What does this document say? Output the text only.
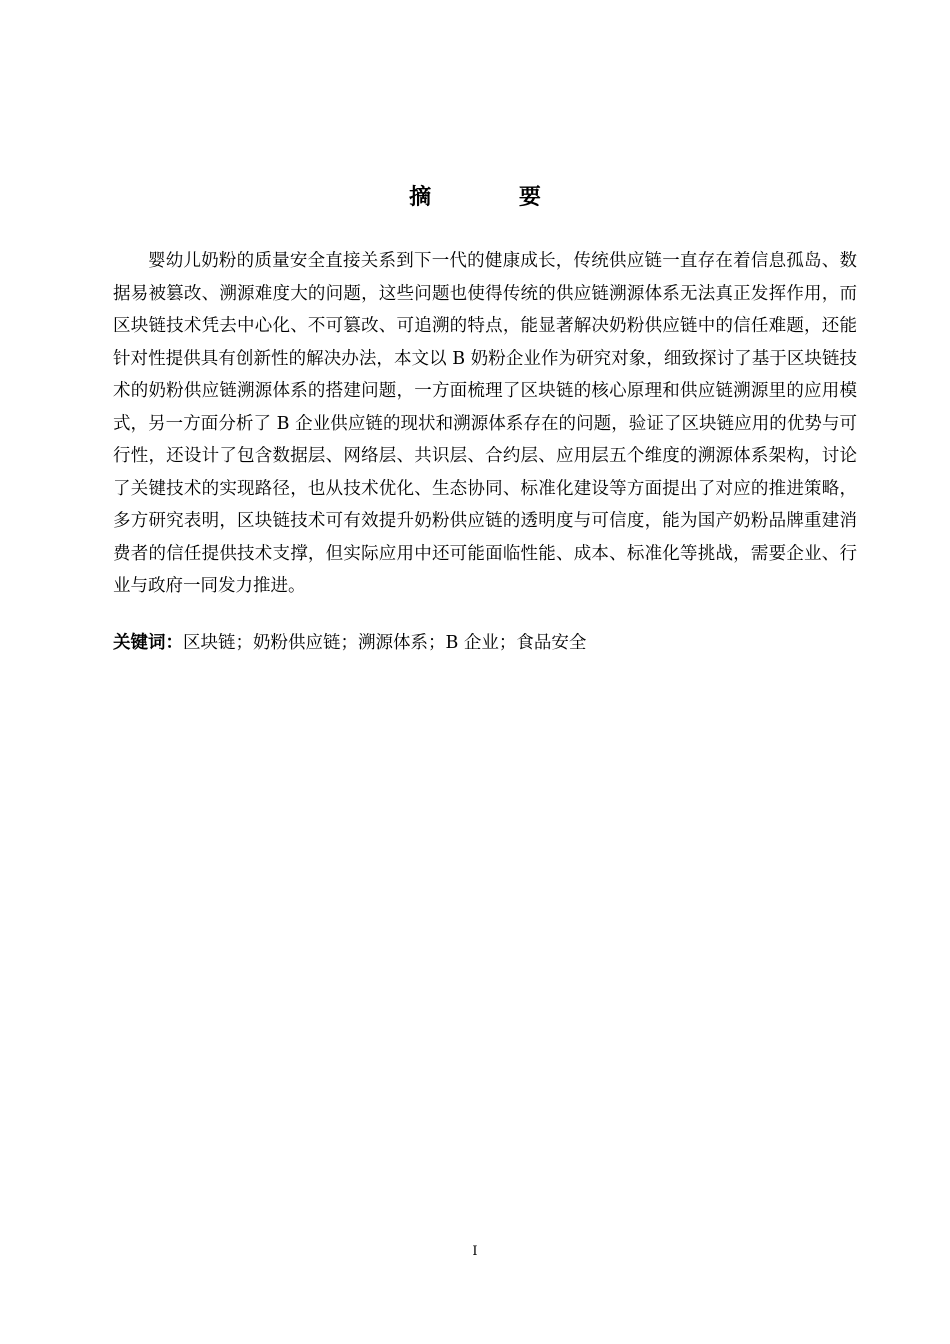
摘 要

婴幼儿奶粉的质量安全直接关系到下一代的健康成长，传统供应链一直存在着信息孤岛、数据易被篡改、溯源难度大的问题，这些问题也使得传统的供应链溯源体系无法真正发挥作用，而区块链技术凭去中心化、不可篡改、可追溯的特点，能显著解决奶粉供应链中的信任难题，还能针对性提供具有创新性的解决办法，本文以 B 奶粉企业作为研究对象，细致探讨了基于区块链技术的奶粉供应链溯源体系的搭建问题，一方面梳理了区块链的核心原理和供应链溯源里的应用模式，另一方面分析了 B 企业供应链的现状和溯源体系存在的问题，验证了区块链应用的优势与可行性，还设计了包含数据层、网络层、共识层、合约层、应用层五个维度的溯源体系架构，讨论了关键技术的实现路径，也从技术优化、生态协同、标准化建设等方面提出了对应的推进策略，多方研究表明，区块链技术可有效提升奶粉供应链的透明度与可信度，能为国产奶粉品牌重建消费者的信任提供技术支撑，但实际应用中还可能面临性能、成本、标准化等挑战，需要企业、行业与政府一同发力推进。

关键词：区块链；奶粉供应链；溯源体系；B 企业；食品安全

I
